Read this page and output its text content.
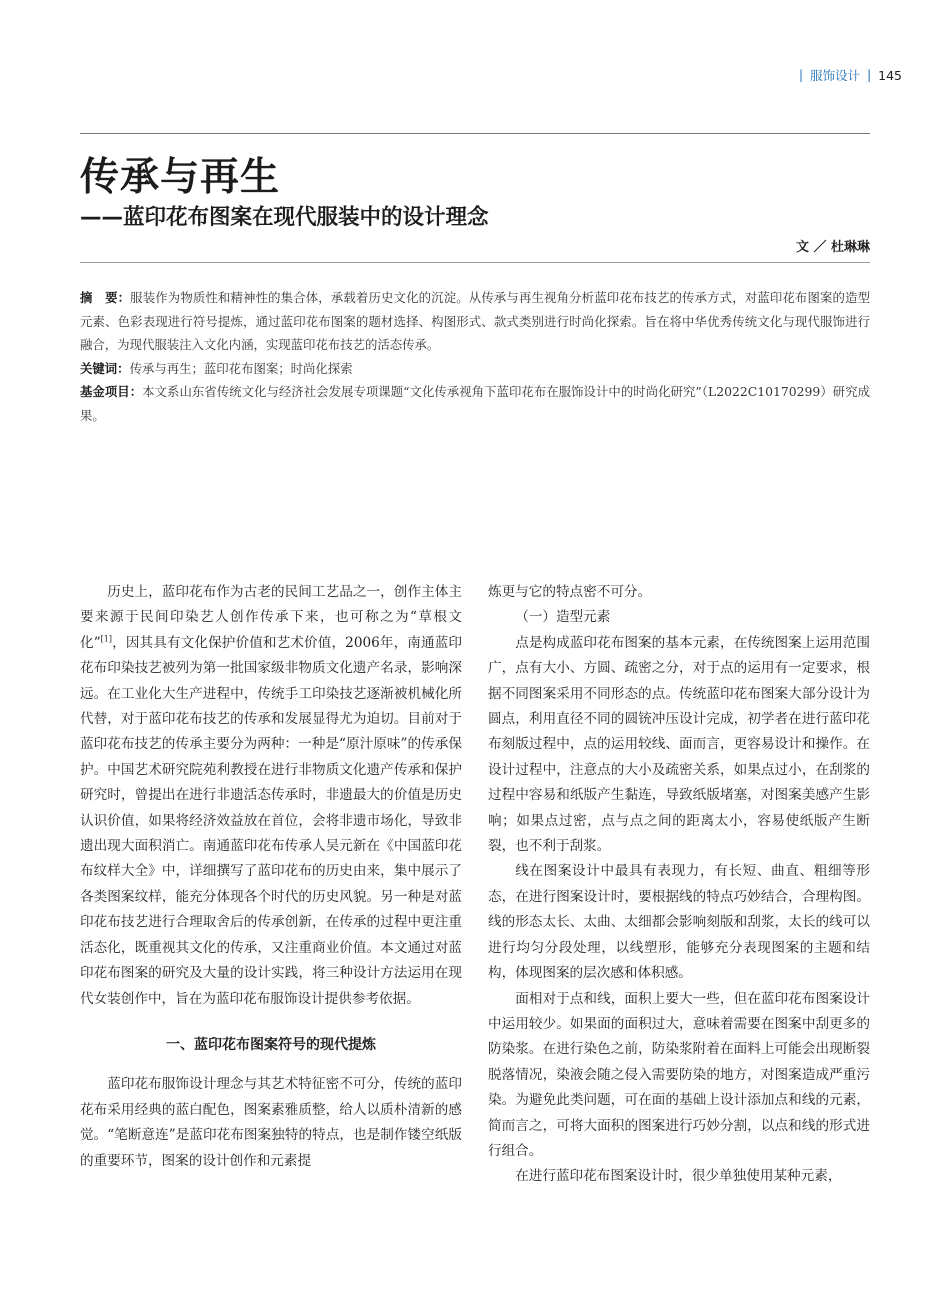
| 服饰设计 | 145
传承与再生
——蓝印花布图案在现代服装中的设计理念
文 ／ 杜琳琳

摘　要：服装作为物质性和精神性的集合体，承载着历史文化的沉淀。从传承与再生视角分析蓝印花布技艺的传承方式，对蓝印花布图案的造型元素、色彩表现进行符号提炼，通过蓝印花布图案的题材选择、构图形式、款式类别进行时尚化探索。旨在将中华优秀传统文化与现代服饰进行融合，为现代服装注入文化内涵，实现蓝印花布技艺的活态传承。

关键词：传承与再生；蓝印花布图案；时尚化探索

基金项目：本文系山东省传统文化与经济社会发展专项课题“文化传承视角下蓝印花布在服饰设计中的时尚化研究”（L2022C10170299）研究成果。

历史上，蓝印花布作为古老的民间工艺品之一，创作主体主要来源于民间印染艺人创作传承下来，也可称之为“草根文化”[1]，因其具有文化保护价值和艺术价值，2006年，南通蓝印花布印染技艺被列为第一批国家级非物质文化遗产名录，影响深远。在工业化大生产进程中，传统手工印染技艺逐渐被机械化所代替，对于蓝印花布技艺的传承和发展显得尤为迫切。目前对于蓝印花布技艺的传承主要分为两种：一种是“原汁原味”的传承保护。中国艺术研究院苑利教授在进行非物质文化遗产传承和保护研究时，曾提出在进行非遗活态传承时，非遗最大的价值是历史认识价值，如果将经济效益放在首位，会将非遗市场化，导致非遗出现大面积消亡。南通蓝印花布传承人吴元新在《中国蓝印花布纹样大全》中，详细撰写了蓝印花布的历史由来，集中展示了各类图案纹样，能充分体现各个时代的历史风貌。另一种是对蓝印花布技艺进行合理取舍后的传承创新，在传承的过程中更注重活态化，既重视其文化的传承，又注重商业价值。本文通过对蓝印花布图案的研究及大量的设计实践，将三种设计方法运用在现代女装创作中，旨在为蓝印花布服饰设计提供参考依据。

一、蓝印花布图案符号的现代提炼

蓝印花布服饰设计理念与其艺术特征密不可分，传统的蓝印花布采用经典的蓝白配色，图案素雅质整，给人以质朴清新的感觉。“笔断意连”是蓝印花布图案独特的特点，也是制作镂空纸版的重要环节，图案的设计创作和元素提

炼更与它的特点密不可分。

（一）造型元素

点是构成蓝印花布图案的基本元素，在传统图案上运用范围广，点有大小、方圆、疏密之分，对于点的运用有一定要求，根据不同图案采用不同形态的点。传统蓝印花布图案大部分设计为圆点，利用直径不同的圆铳冲压设计完成，初学者在进行蓝印花布刻版过程中，点的运用较线、面而言，更容易设计和操作。在设计过程中，注意点的大小及疏密关系，如果点过小，在刮浆的过程中容易和纸版产生黏连，导致纸版堵塞，对图案美感产生影响；如果点过密，点与点之间的距离太小，容易使纸版产生断裂，也不利于刮浆。

线在图案设计中最具有表现力，有长短、曲直、粗细等形态，在进行图案设计时，要根据线的特点巧妙结合，合理构图。线的形态太长、太曲、太细都会影响刻版和刮浆，太长的线可以进行均匀分段处理，以线塑形，能够充分表现图案的主题和结构，体现图案的层次感和体积感。

面相对于点和线，面积上要大一些，但在蓝印花布图案设计中运用较少。如果面的面积过大，意味着需要在图案中刮更多的防染浆。在进行染色之前，防染浆附着在面料上可能会出现断裂脱落情况，染液会随之侵入需要防染的地方，对图案造成严重污染。为避免此类问题，可在面的基础上设计添加点和线的元素，简而言之，可将大面积的图案进行巧妙分割，以点和线的形式进行组合。

在进行蓝印花布图案设计时，很少单独使用某种元素，
